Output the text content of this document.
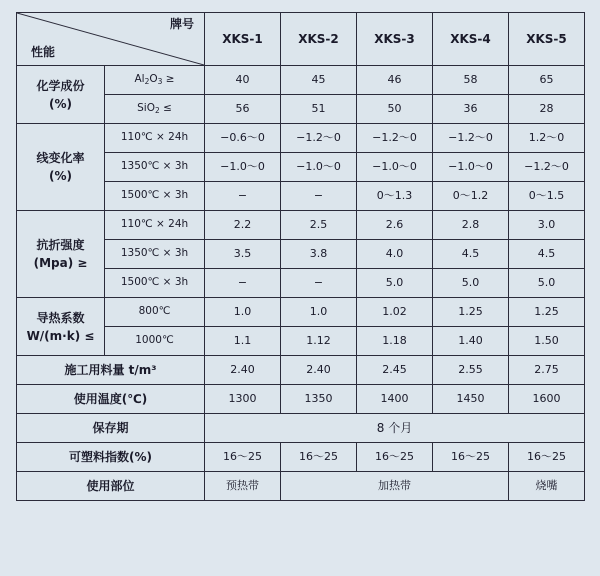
牌号
性能		XKS-1	XKS-2	XKS-3	XKS-4	XKS-5

化学成份
(%)	$Al_2O_3$ ≥	40	45	46	58	65
	SiO$_2$ ≤	56	51	50	36	28

线变化率
(%)	110℃ × 24h	−0.6～0	−1.2～0	−1.2～0	−1.2～0	1.2～0
	1350℃ × 3h	−1.0～0	−1.0～0	−1.0～0	−1.0～0	−1.2～0
	1500℃ × 3h	−	−	0～1.3	0～1.2	0～1.5

抗折强度
(Mpa) ≥	110℃ × 24h	2.2	2.5	2.6	2.8	3.0
	1350℃ × 3h	3.5	3.8	4.0	4.5	4.5
	1500℃ × 3h	−	−	5.0	5.0	5.0

导热系数
W/(m·k) ≤	800℃	1.0	1.0	1.02	1.25	1.25
	1000℃	1.1	1.12	1.18	1.40	1.50
施工用料量 t/m³		2.40	2.40	2.45	2.55	2.75
使用温度(℃)		1300	1350	1400	1450	1600
保存期		8 个月				
可塑料指数(%)		16～25	16～25	16～25	16～25	16～25
使用部位		预热带	加热带			烧嘴
